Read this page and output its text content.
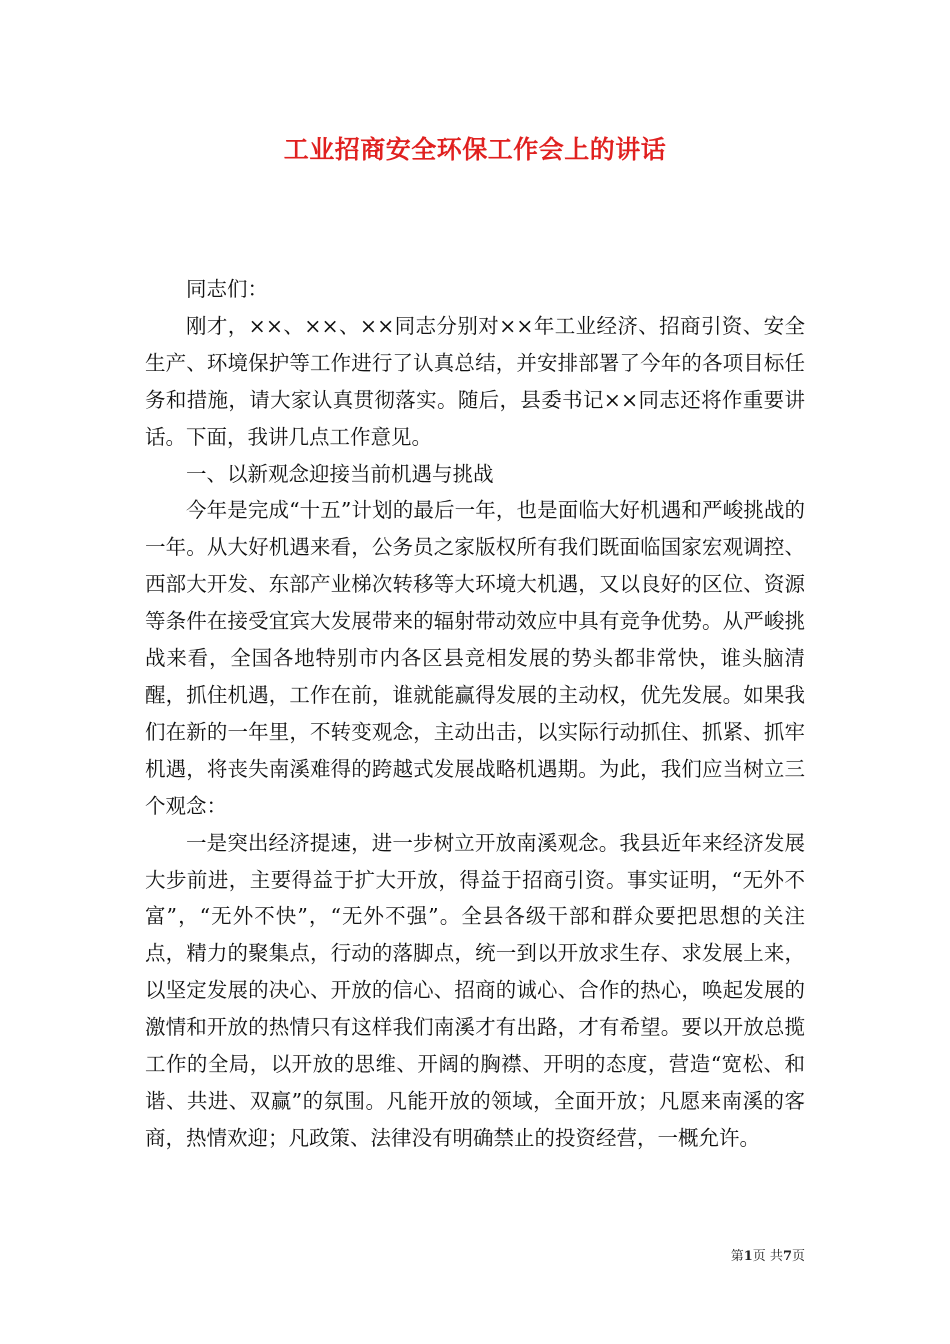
工业招商安全环保工作会上的讲话

同志们：

刚才，××、××、××同志分别对××年工业经济、招商引资、安全生产、环境保护等工作进行了认真总结，并安排部署了今年的各项目标任务和措施，请大家认真贯彻落实。随后，县委书记××同志还将作重要讲话。下面，我讲几点工作意见。

一、以新观念迎接当前机遇与挑战

今年是完成“十五”计划的最后一年，也是面临大好机遇和严峻挑战的一年。从大好机遇来看，公务员之家版权所有我们既面临国家宏观调控、西部大开发、东部产业梯次转移等大环境大机遇，又以良好的区位、资源等条件在接受宜宾大发展带来的辐射带动效应中具有竞争优势。从严峻挑战来看，全国各地特别市内各区县竞相发展的势头都非常快，谁头脑清醒，抓住机遇，工作在前，谁就能赢得发展的主动权，优先发展。如果我们在新的一年里，不转变观念，主动出击，以实际行动抓住、抓紧、抓牢机遇，将丧失南溪难得的跨越式发展战略机遇期。为此，我们应当树立三个观念：

一是突出经济提速，进一步树立开放南溪观念。我县近年来经济发展大步前进，主要得益于扩大开放，得益于招商引资。事实证明，“无外不富”，“无外不快”，“无外不强”。全县各级干部和群众要把思想的关注点，精力的聚集点，行动的落脚点，统一到以开放求生存、求发展上来，以坚定发展的决心、开放的信心、招商的诚心、合作的热心，唤起发展的激情和开放的热情只有这样我们南溪才有出路，才有希望。要以开放总揽工作的全局，以开放的思维、开阔的胸襟、开明的态度，营造“宽松、和谐、共进、双赢”的氛围。凡能开放的领域，全面开放；凡愿来南溪的客商，热情欢迎；凡政策、法律没有明确禁止的投资经营，一概允许。

第1页 共7页
